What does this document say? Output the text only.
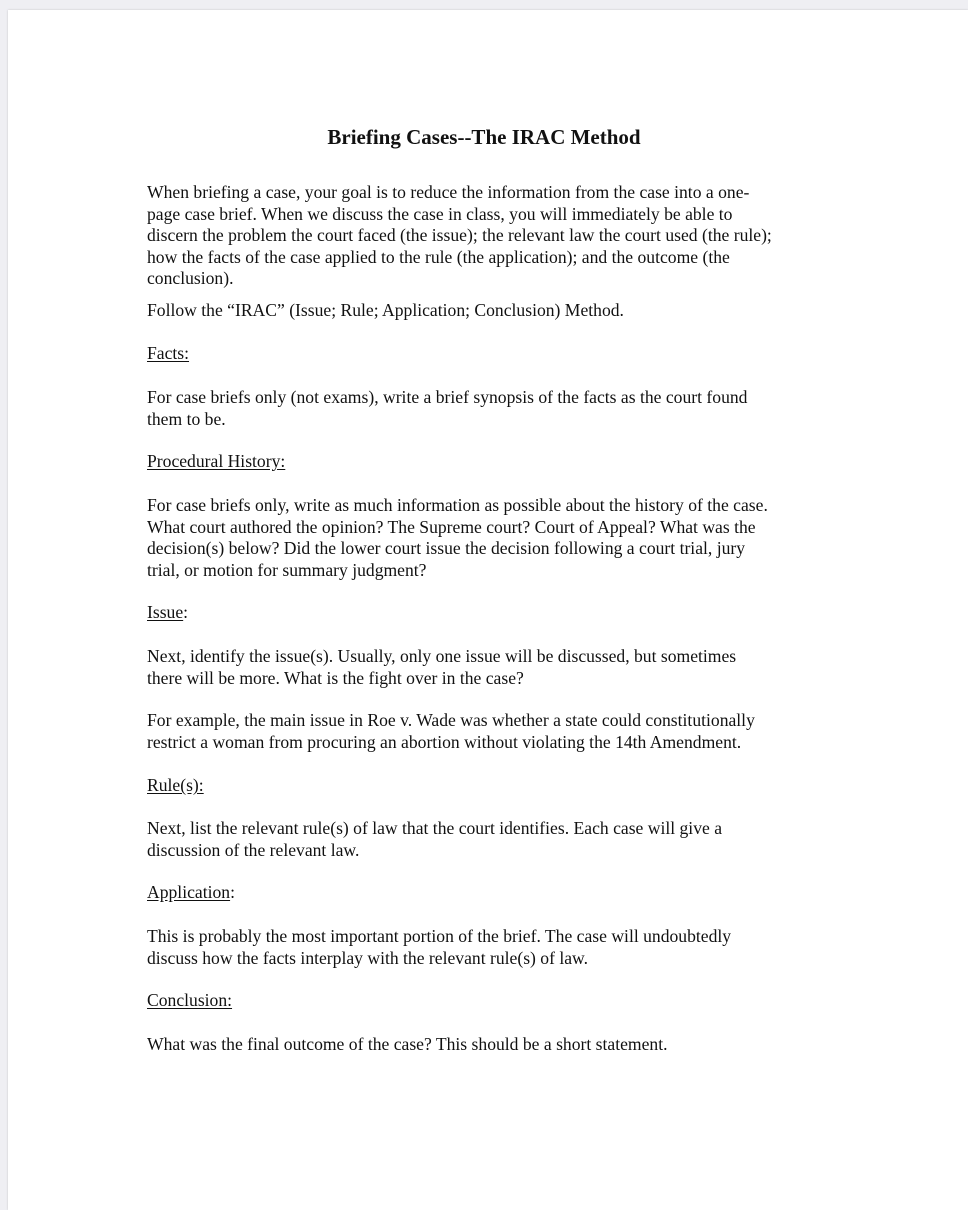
Briefing Cases--The IRAC Method
When briefing a case, your goal is to reduce the information from the case into a one-
page case brief. When we discuss the case in class, you will immediately be able to
discern the problem the court faced (the issue); the relevant law the court used (the rule);
how the facts of the case applied to the rule (the application); and the outcome (the
conclusion).

Follow the “IRAC” (Issue; Rule; Application; Conclusion) Method.

Facts:

For case briefs only (not exams), write a brief synopsis of the facts as the court found
them to be.

Procedural History:

For case briefs only, write as much information as possible about the history of the case.
What court authored the opinion? The Supreme court? Court of Appeal? What was the
decision(s) below? Did the lower court issue the decision following a court trial, jury
trial, or motion for summary judgment?

Issue:

Next, identify the issue(s). Usually, only one issue will be discussed, but sometimes
there will be more. What is the fight over in the case?
For example, the main issue in Roe v. Wade was whether a state could constitutionally
restrict a woman from procuring an abortion without violating the 14th Amendment.

Rule(s):

Next, list the relevant rule(s) of law that the court identifies. Each case will give a
discussion of the relevant law.

Application:

This is probably the most important portion of the brief. The case will undoubtedly
discuss how the facts interplay with the relevant rule(s) of law.

Conclusion:

What was the final outcome of the case? This should be a short statement.
